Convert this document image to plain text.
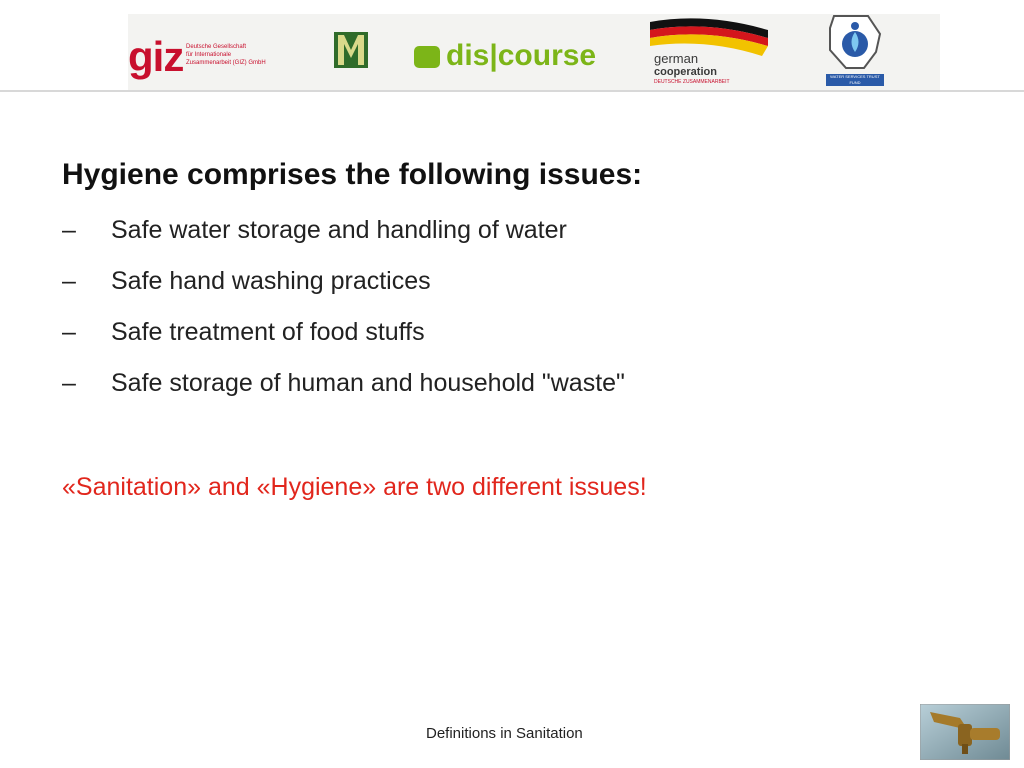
giz Deutsche Gesellschaft
für Internationale
Zusammenarbeit (GIZ) GmbH	dis|course	german
cooperation
DEUTSCHE ZUSAMMENARBEIT
WATER SERVICES TRUST FUND
Hygiene comprises the following issues:
– Safe water storage and handling of water
– Safe hand washing practices
– Safe treatment of food stuffs
– Safe storage of human and household "waste"

«Sanitation» and «Hygiene» are two different issues!

Definitions in Sanitation
